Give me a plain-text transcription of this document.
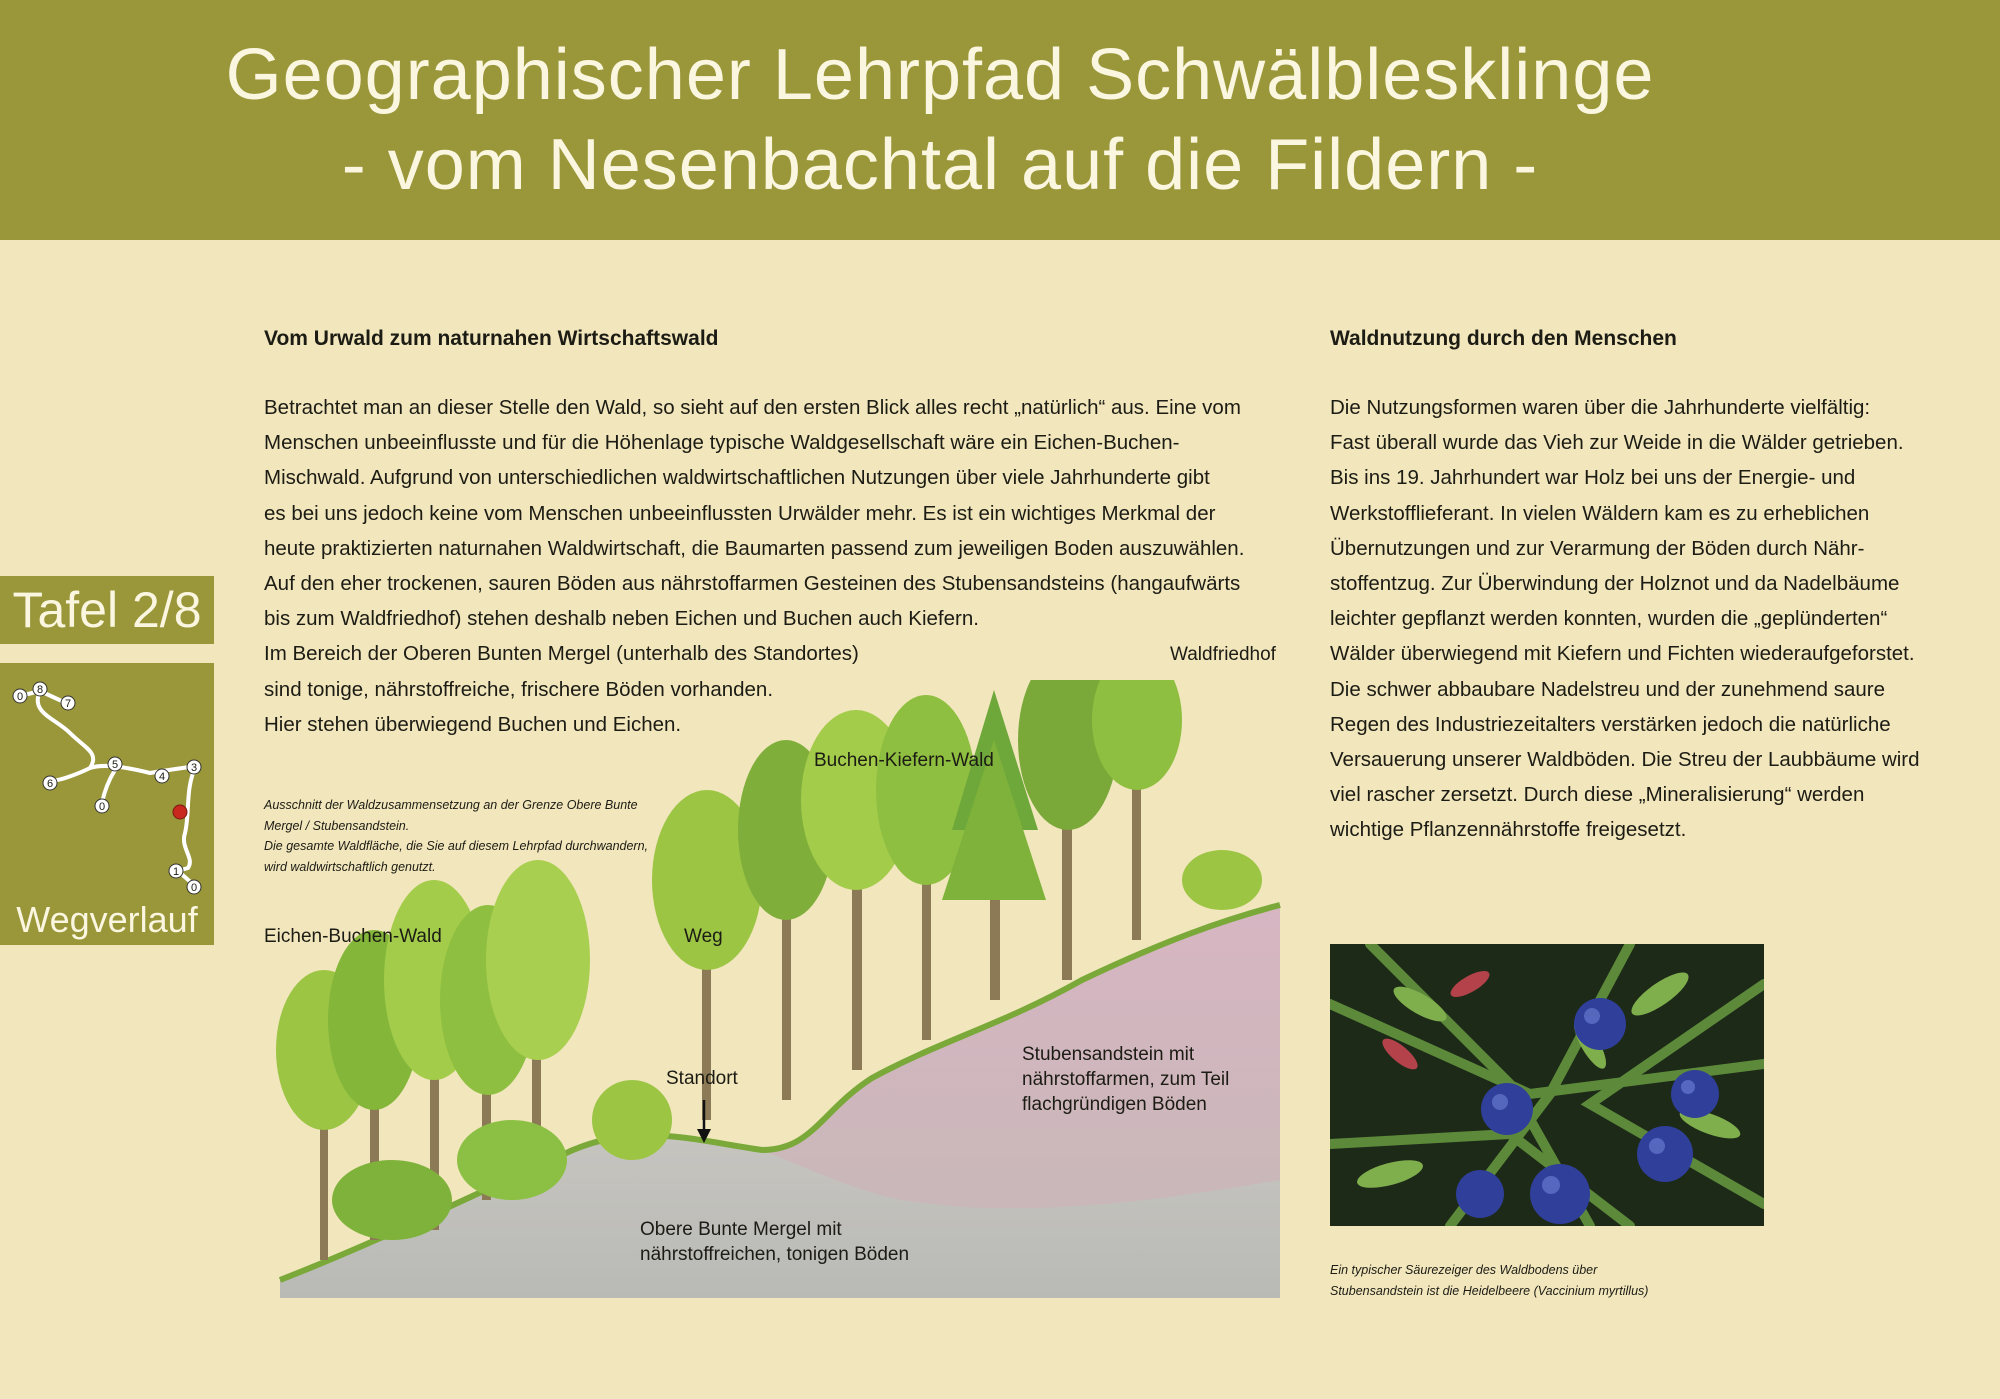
Geographischer Lehrpfad Schwälblesklinge
- vom Nesenbachtal auf die Fildern -
Tafel 2/8
0
8
7
5
6
4
3
0
2
1
0
Wegverlauf
Vom Urwald zum naturnahen Wirtschaftswald
Betrachtet man an dieser Stelle den Wald, so sieht auf den ersten Blick alles recht „natürlich“ aus. Eine vom
Menschen unbeeinflusste und für die Höhenlage typische Waldgesellschaft wäre ein Eichen-Buchen-
Mischwald. Aufgrund von unterschiedlichen waldwirtschaftlichen Nutzungen über viele Jahrhunderte gibt
es bei uns jedoch keine vom Menschen unbeeinflussten Urwälder mehr. Es ist ein wichtiges Merkmal der
heute praktizierten naturnahen Waldwirtschaft, die Baumarten passend zum jeweiligen Boden auszuwählen.
Auf den eher trockenen, sauren Böden aus nährstoffarmen Gesteinen des Stubensandsteins (hangaufwärts
bis zum Waldfriedhof) stehen deshalb neben Eichen und Buchen auch Kiefern.
Im Bereich der Oberen Bunten Mergel (unterhalb des Standortes)
sind tonige, nährstoffreiche, frischere Böden vorhanden.
Hier stehen überwiegend Buchen und Eichen.
Ausschnitt der Waldzusammensetzung an der Grenze Obere Bunte
Mergel / Stubensandstein.
Die gesamte Waldfläche, die Sie auf diesem Lehrpfad durchwandern,
wird waldwirtschaftlich genutzt.
Waldfriedhof
Buchen-Kiefern-Wald
Eichen-Buchen-Wald	Weg
Standort
Stubensandstein mit
nährstoffarmen, zum Teil
flachgründigen Böden
Obere Bunte Mergel mit
nährstoffreichen, tonigen Böden
Waldnutzung durch den Menschen
Die Nutzungsformen waren über die Jahrhunderte vielfältig:
Fast überall wurde das Vieh zur Weide in die Wälder getrieben.
Bis ins 19. Jahrhundert war Holz bei uns der Energie- und
Werkstofflieferant. In vielen Wäldern kam es zu erheblichen
Übernutzungen und zur Verarmung der Böden durch Nähr-
stoffentzug. Zur Überwindung der Holznot und da Nadelbäume
leichter gepflanzt werden konnten, wurden die „geplünderten“
Wälder überwiegend mit Kiefern und Fichten wiederaufgeforstet.
Die schwer abbaubare Nadelstreu und der zunehmend saure
Regen des Industriezeitalters verstärken jedoch die natürliche
Versauerung unserer Waldböden. Die Streu der Laubbäume wird
viel rascher zersetzt. Durch diese „Mineralisierung“ werden
wichtige Pflanzennährstoffe freigesetzt.
Ein typischer Säurezeiger des Waldbodens über
Stubensandstein ist die Heidelbeere (Vaccinium myrtillus)
